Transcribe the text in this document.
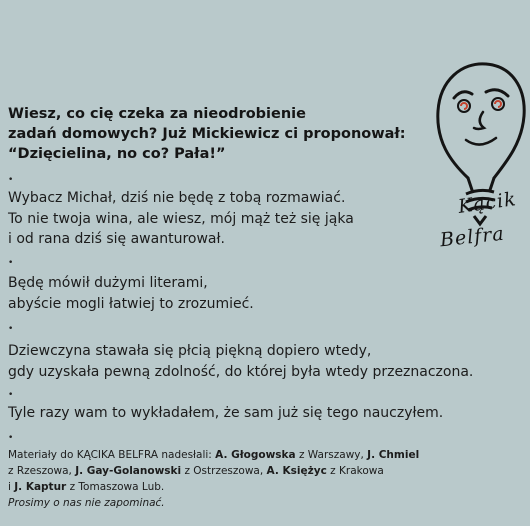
Kącik
Belfra

Wiesz, co cię czeka za nieodrobienie

zadań domowych? Już Mickiewicz ci proponował:

“Dzięcielina, no co? Pała!”

•

Wybacz Michał, dziś nie będę z tobą rozmawiać.

To nie twoja wina, ale wiesz, mój mąż też się jąka

i od rana dziś się awanturował.

•

Będę mówił dużymi literami,

abyście mogli łatwiej to zrozumieć.

•

Dziewczyna stawała się płcią piękną dopiero wtedy,

gdy uzyskała pewną zdolność, do której była wtedy przeznaczona.

•

Tyle razy wam to wykładałem, że sam już się tego nauczyłem.

•

Materiały do KĄCIKA BELFRA nadesłali: A. Głogowska z Warszawy, J. Chmiel

z Rzeszowa, J. Gay-Golanowski z Ostrzeszowa, A. Księżyc z Krakowa

i J. Kaptur z Tomaszowa Lub.

Prosimy o nas nie zapominać.
